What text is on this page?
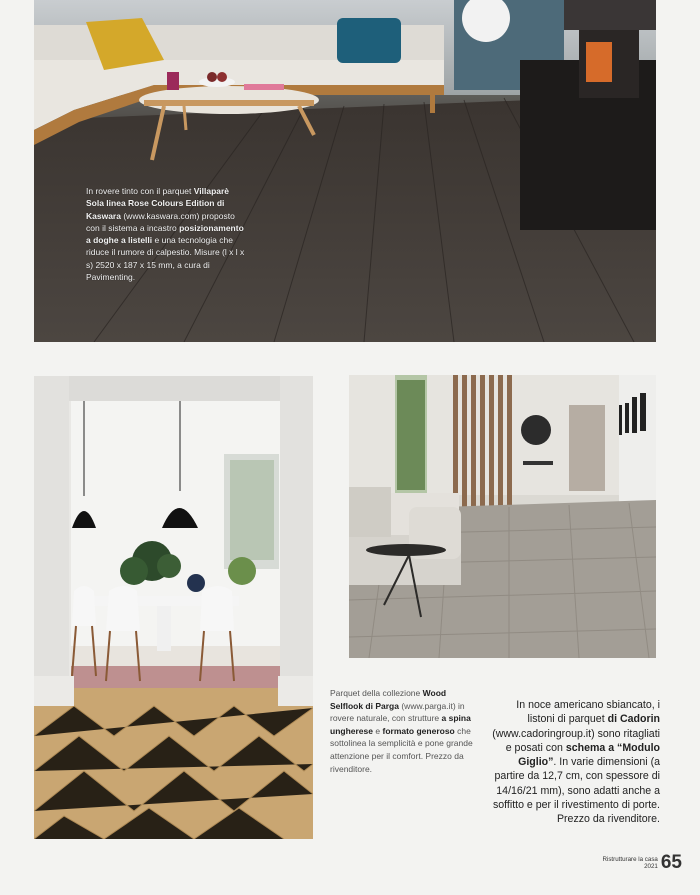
In rovere tinto con il parquet Villaparè Sola linea Rose Colours Edition di Kaswara (www.kaswara.com) proposto con il sistema a incastro posizionamento a doghe a listelli e una tecnologia che riduce il rumore di calpestio. Misure (l x l x s) 2520 x 187 x 15 mm, a cura di Pavimenting.
Parquet della collezione Wood Selflook di Parga (www.parga.it) in rovere naturale, con strutture a spina ungherese e formato generoso che sottolinea la semplicità e pone grande attenzione per il comfort. Prezzo da rivenditore.
In noce americano sbiancato, i listoni di parquet di Cadorin (www.cadoringroup.it) sono ritagliati e posati con schema a “Modulo Giglio”. In varie dimensioni (a partire da 12,7 cm, con spessore di 14/16/21 mm), sono adatti anche a soffitto e per il rivestimento di porte. Prezzo da rivenditore.
Ristrutturare la casa
2021 65
